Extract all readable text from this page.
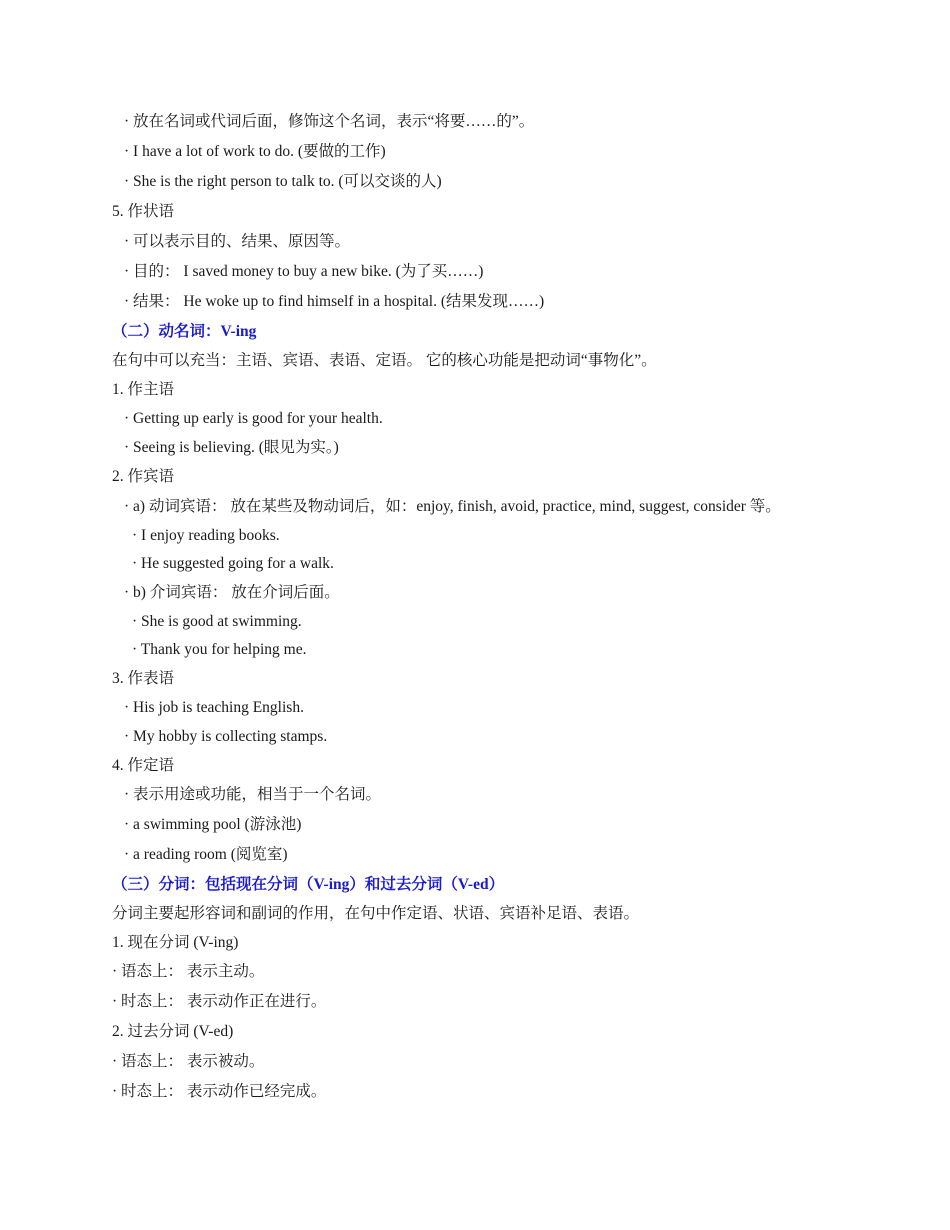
· 放在名词或代词后面，修饰这个名词，表示“将要……的”。
· I have a lot of work to do. (要做的工作)
· She is the right person to talk to. (可以交谈的人)
5. 作状语
· 可以表示目的、结果、原因等。
· 目的： I saved money to buy a new bike. (为了买……)
· 结果： He woke up to find himself in a hospital. (结果发现……)
（二）动名词：V-ing
在句中可以充当：主语、宾语、表语、定语。 它的核心功能是把动词“事物化”。
1. 作主语
· Getting up early is good for your health.
· Seeing is believing. (眼见为实。)
2. 作宾语
· a) 动词宾语： 放在某些及物动词后，如：enjoy, finish, avoid, practice, mind, suggest, consider 等。
· I enjoy reading books.
· He suggested going for a walk.
· b) 介词宾语： 放在介词后面。
· She is good at swimming.
· Thank you for helping me.
3. 作表语
· His job is teaching English.
· My hobby is collecting stamps.
4. 作定语
· 表示用途或功能，相当于一个名词。
· a swimming pool (游泳池)
· a reading room (阅览室)
（三）分词：包括现在分词（V-ing）和过去分词（V-ed）
分词主要起形容词和副词的作用，在句中作定语、状语、宾语补足语、表语。
1. 现在分词 (V-ing)
· 语态上： 表示主动。
· 时态上： 表示动作正在进行。
2. 过去分词 (V-ed)
· 语态上： 表示被动。
· 时态上： 表示动作已经完成。
